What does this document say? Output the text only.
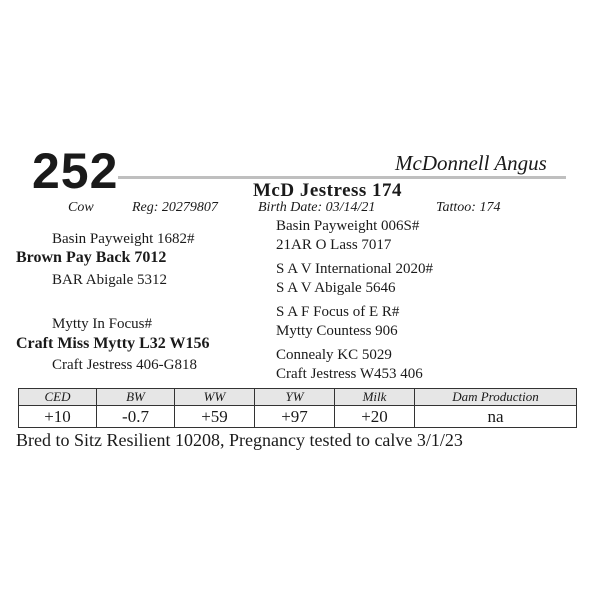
252	McDonnell Angus
McD Jestress 174
Cow	Reg: 20279807	Birth Date: 03/14/21	Tattoo: 174
Basin Payweight 1682#
Brown Pay Back 7012
BAR Abigale 5312
Mytty In Focus#
Craft Miss Mytty L32 W156
Craft Jestress 406-G818
Basin Payweight 006S#
21AR O Lass 7017
S A V International 2020#
S A V Abigale 5646
S A F Focus of E R#
Mytty Countess 906
Connealy KC 5029
Craft Jestress W453 406
CED	BW	WW	YW	Milk	Dam Production
+10	-0.7	+59	+97	+20	na
Bred to Sitz Resilient 10208, Pregnancy tested to calve 3/1/23
